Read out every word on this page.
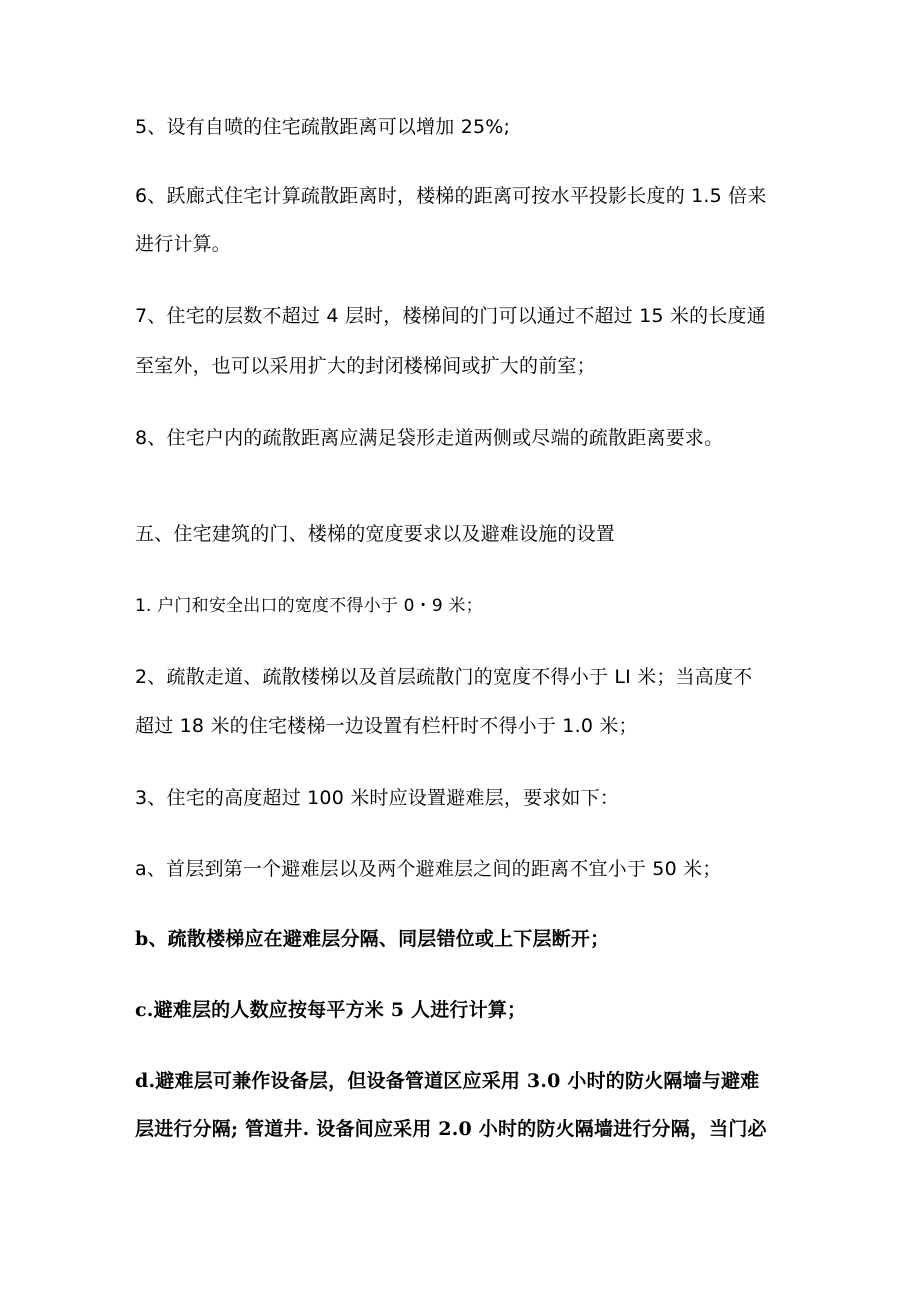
5、设有自喷的住宅疏散距离可以增加 25%;
6、跃廊式住宅计算疏散距离时，楼梯的距离可按水平投影长度的 1.5 倍来
进行计算。
7、住宅的层数不超过 4 层时，楼梯间的门可以通过不超过 15 米的长度通
至室外，也可以采用扩大的封闭楼梯间或扩大的前室；
8、住宅户内的疏散距离应满足袋形走道两侧或尽端的疏散距离要求。
五、住宅建筑的门、楼梯的宽度要求以及避难设施的设置
1. 户门和安全出口的宽度不得小于 0・9 米；
2、疏散走道、疏散楼梯以及首层疏散门的宽度不得小于 LI 米；当高度不
超过 18 米的住宅楼梯一边设置有栏杆时不得小于 1.0 米；
3、住宅的高度超过 100 米时应设置避难层，要求如下：
a、首层到第一个避难层以及两个避难层之间的距离不宜小于 50 米；
b、疏散楼梯应在避难层分隔、同层错位或上下层断开；
c.避难层的人数应按每平方米 5 人进行计算；
d.避难层可兼作设备层，但设备管道区应采用 3.0 小时的防火隔墙与避难
层进行分隔; 管道井. 设备间应采用 2.0 小时的防火隔墙进行分隔，当门必
